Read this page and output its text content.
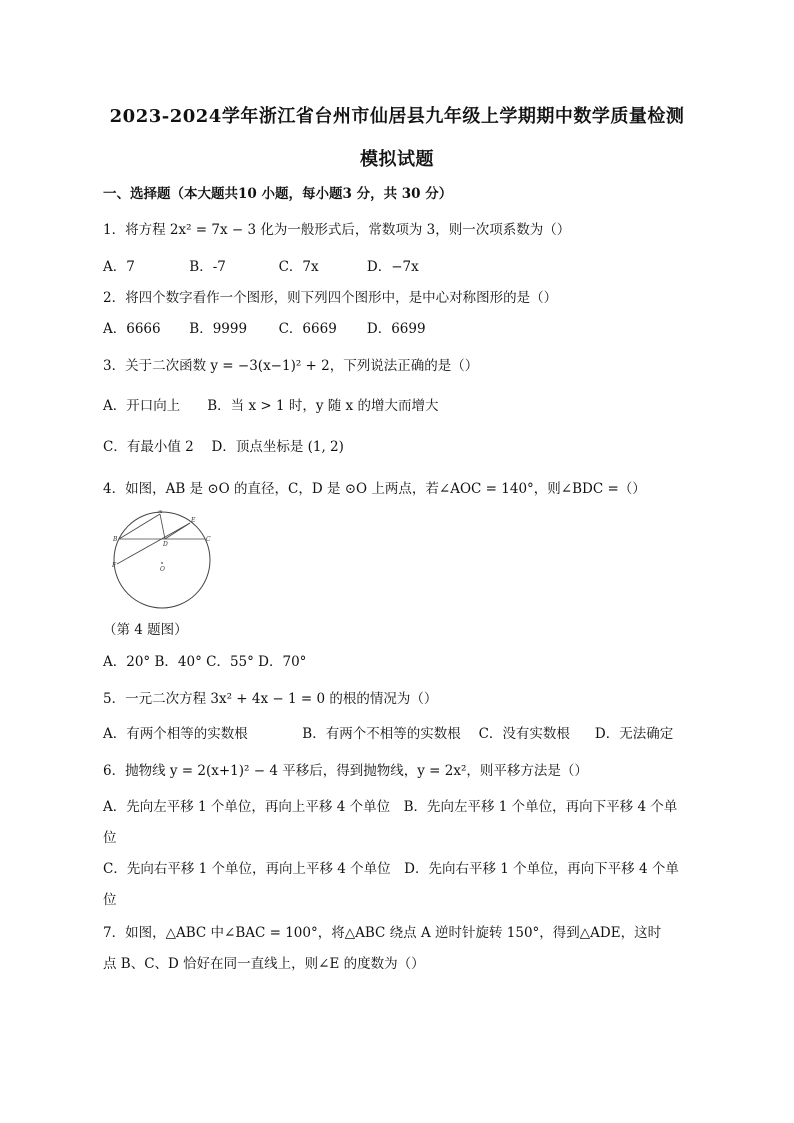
2023-2024学年浙江省台州市仙居县九年级上学期期中数学质量检测
模拟试题
一、选择题（本大题共10 小题，每小题3 分，共 30 分）
1．将方程 2x² = 7x − 3 化为一般形式后，常数项为 3，则一次项系数为（）
A．7	B．-7	C．7x	D．−7x
2．将四个数字看作一个图形，则下列四个图形中，是中心对称图形的是（）
A．6666 B．9999 C．6669 D．6699
3．关于二次函数 y = −3(x−1)² + 2，下列说法正确的是（）
A．开口向上　　B．当 x > 1 时，y 随 x 的增大而增大
C．有最小值 2　 D．顶点坐标是 (1, 2)
4．如图，AB 是 ⊙O 的直径，C，D 是 ⊙O 上两点，若∠AOC = 140°，则∠BDC =（）
A
E
B
D
C
F
O
（第 4 题图）
A．20° B．40° C．55° D．70°
5．一元二次方程 3x² + 4x − 1 = 0 的根的情况为（）
A．有两个相等的实数根	B．有两个不相等的实数根 C．没有实数根 D．无法确定
6．抛物线 y = 2(x+1)² − 4 平移后，得到抛物线，y = 2x²，则平移方法是（）
A．先向左平移 1 个单位，再向上平移 4 个单位　B．先向左平移 1 个单位，再向下平移 4 个单
位
C．先向右平移 1 个单位，再向上平移 4 个单位　D．先向右平移 1 个单位，再向下平移 4 个单
位
7．如图，△ABC 中∠BAC = 100°，将△ABC 绕点 A 逆时针旋转 150°，得到△ADE，这时
点 B、C、D 恰好在同一直线上，则∠E 的度数为（）
